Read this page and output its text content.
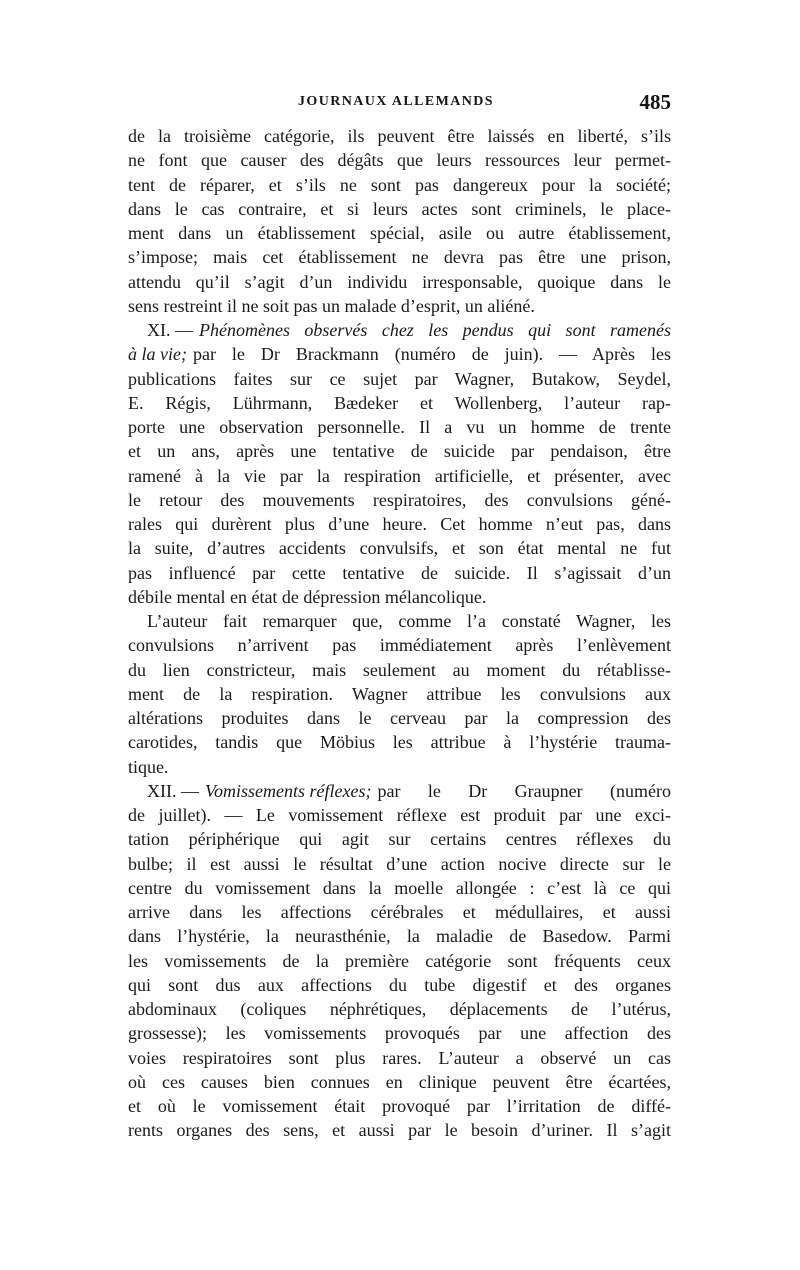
JOURNAUX ALLEMANDS	485
de la troisième catégorie, ils peuvent être laissés en liberté, s’ils
ne font que causer des dégâts que leurs ressources leur permet-
tent de réparer, et s’ils ne sont pas dangereux pour la société;
dans le cas contraire, et si leurs actes sont criminels, le place-
ment dans un établissement spécial, asile ou autre établissement,
s’impose; mais cet établissement ne devra pas être une prison,
attendu qu’il s’agit d’un individu irresponsable, quoique dans le
sens restreint il ne soit pas un malade d’esprit, un aliéné.
XI. — Phénomènes observés chez les pendus qui sont ramenés
à la vie; par le Dr Brackmann (numéro de juin). — Après les
publications faites sur ce sujet par Wagner, Butakow, Seydel,
E. Régis, Lührmann, Bædeker et Wollenberg, l’auteur rap-
porte une observation personnelle. Il a vu un homme de trente
et un ans, après une tentative de suicide par pendaison, être
ramené à la vie par la respiration artificielle, et présenter, avec
le retour des mouvements respiratoires, des convulsions géné-
rales qui durèrent plus d’une heure. Cet homme n’eut pas, dans
la suite, d’autres accidents convulsifs, et son état mental ne fut
pas influencé par cette tentative de suicide. Il s’agissait d’un
débile mental en état de dépression mélancolique.
L’auteur fait remarquer que, comme l’a constaté Wagner, les
convulsions n’arrivent pas immédiatement après l’enlèvement
du lien constricteur, mais seulement au moment du rétablisse-
ment de la respiration. Wagner attribue les convulsions aux
altérations produites dans le cerveau par la compression des
carotides, tandis que Möbius les attribue à l’hystérie trauma-
tique.
XII. — Vomissements réflexes; par le Dr Graupner (numéro
de juillet). — Le vomissement réflexe est produit par une exci-
tation périphérique qui agit sur certains centres réflexes du
bulbe; il est aussi le résultat d’une action nocive directe sur le
centre du vomissement dans la moelle allongée : c’est là ce qui
arrive dans les affections cérébrales et médullaires, et aussi
dans l’hystérie, la neurasthénie, la maladie de Basedow. Parmi
les vomissements de la première catégorie sont fréquents ceux
qui sont dus aux affections du tube digestif et des organes
abdominaux (coliques néphrétiques, déplacements de l’utérus,
grossesse); les vomissements provoqués par une affection des
voies respiratoires sont plus rares. L’auteur a observé un cas
où ces causes bien connues en clinique peuvent être écartées,
et où le vomissement était provoqué par l’irritation de diffé-
rents organes des sens, et aussi par le besoin d’uriner. Il s’agit
